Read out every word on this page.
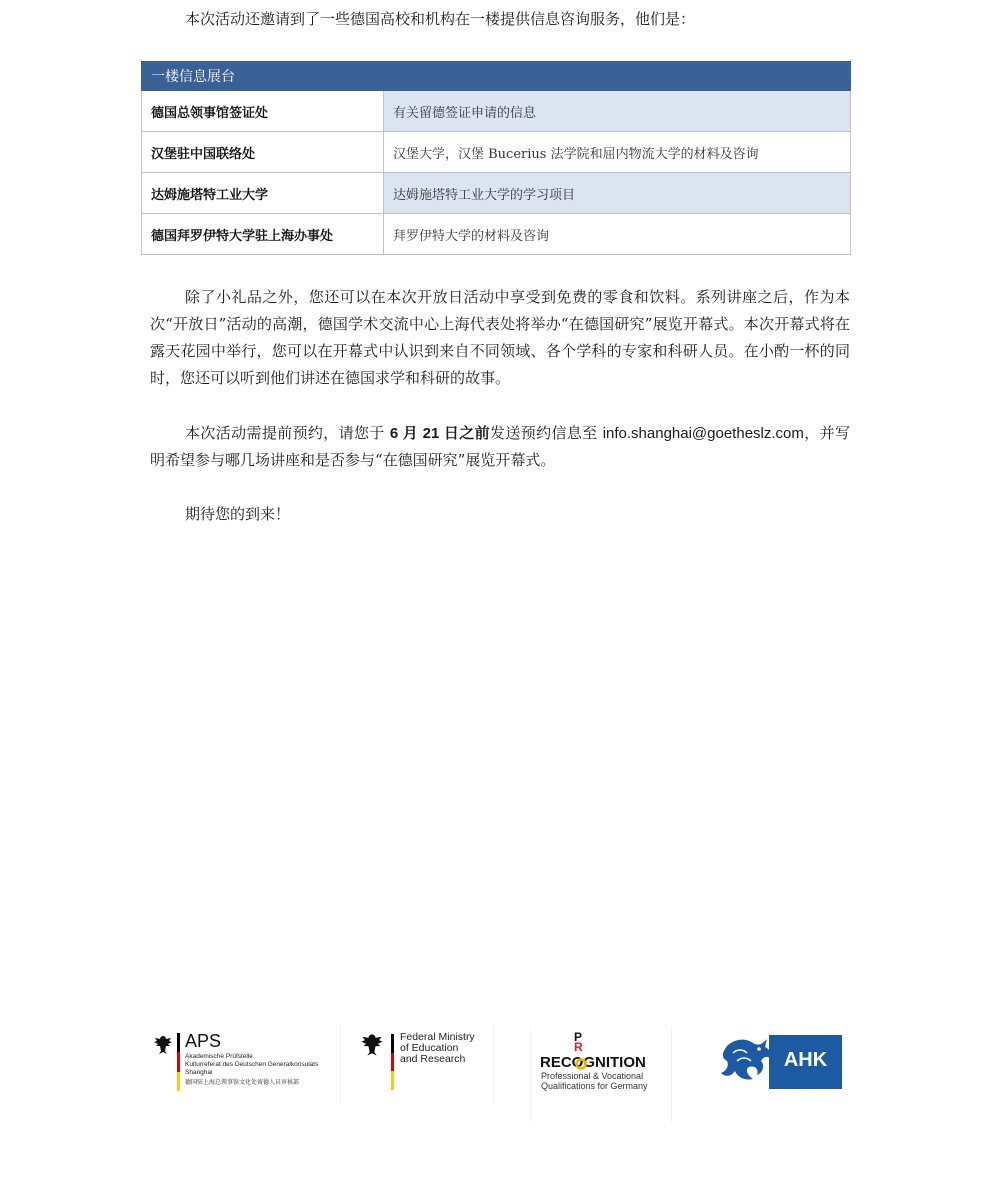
本次活动还邀请到了一些德国高校和机构在一楼提供信息咨询服务，他们是：

一楼信息展台	
德国总领事馆签证处	有关留德签证申请的信息
汉堡驻中国联络处	汉堡大学，汉堡 Bucerius 法学院和屈内物流大学的材料及咨询
达姆施塔特工业大学	达姆施塔特工业大学的学习项目
德国拜罗伊特大学驻上海办事处	拜罗伊特大学的材料及咨询

除了小礼品之外，您还可以在本次开放日活动中享受到免费的零食和饮料。系列讲座之后，作为本次“开放日”活动的高潮，德国学术交流中心上海代表处将举办“在德国研究”展览开幕式。本次开幕式将在露天花园中举行，您可以在开幕式中认识到来自不同领域、各个学科的专家和科研人员。在小酌一杯的同时，您还可以听到他们讲述在德国求学和科研的故事。

本次活动需提前预约，请您于 6 月 21 日之前发送预约信息至 info.shanghai@goetheslz.com，并写明希望参与哪几场讲座和是否参与“在德国研究”展览开幕式。

期待您的到来！

APS
Akademische Prüfstelle
Kulturreferat des Deutschen Generalkonsulats
Shanghai
德国驻上海总领事馆文化处留德人员审核部
Federal Ministry
of Education
and Research
P
R
RECOGNITION
Professional & Vocational
Qualifications for Germany
AHK
